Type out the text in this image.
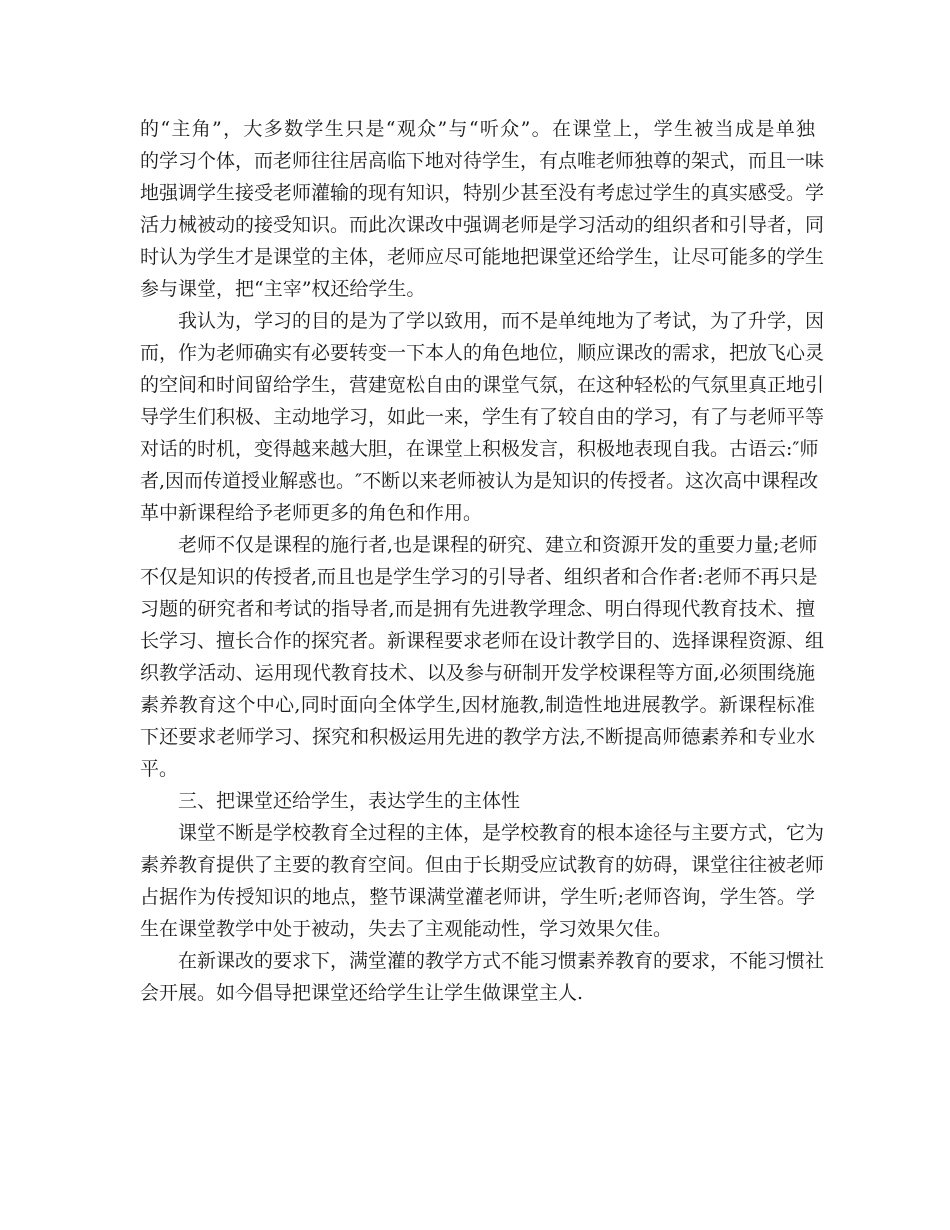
的“主角”，大多数学生只是“观众”与“听众”。在课堂上，学生被当成是单独
的学习个体，而老师往往居高临下地对待学生，有点唯老师独尊的架式，而且一味
地强调学生接受老师灌输的现有知识，特别少甚至没有考虑过学生的真实感受。学
活力械被动的接受知识。而此次课改中强调老师是学习活动的组织者和引导者，同
时认为学生才是课堂的主体，老师应尽可能地把课堂还给学生，让尽可能多的学生
参与课堂，把“主宰”权还给学生。
我认为，学习的目的是为了学以致用，而不是单纯地为了考试，为了升学，因
而，作为老师确实有必要转变一下本人的角色地位，顺应课改的需求，把放飞心灵
的空间和时间留给学生，营建宽松自由的课堂气氛，在这种轻松的气氛里真正地引
导学生们积极、主动地学习，如此一来，学生有了较自由的学习，有了与老师平等
对话的时机，变得越来越大胆，在课堂上积极发言，积极地表现自我。古语云:″师
者,因而传道授业解惑也。″不断以来老师被认为是知识的传授者。这次高中课程改
革中新课程给予老师更多的角色和作用。
老师不仅是课程的施行者,也是课程的研究、建立和资源开发的重要力量;老师
不仅是知识的传授者,而且也是学生学习的引导者、组织者和合作者:老师不再只是
习题的研究者和考试的指导者,而是拥有先进教学理念、明白得现代教育技术、擅
长学习、擅长合作的探究者。新课程要求老师在设计教学目的、选择课程资源、组
织教学活动、运用现代教育技术、以及参与研制开发学校课程等方面,必须围绕施
素养教育这个中心,同时面向全体学生,因材施教,制造性地进展教学。新课程标准
下还要求老师学习、探究和积极运用先进的教学方法,不断提高师德素养和专业水
平。
三、把课堂还给学生，表达学生的主体性
课堂不断是学校教育全过程的主体，是学校教育的根本途径与主要方式，它为
素养教育提供了主要的教育空间。但由于长期受应试教育的妨碍，课堂往往被老师
占据作为传授知识的地点，整节课满堂灌老师讲，学生听;老师咨询，学生答。学
生在课堂教学中处于被动，失去了主观能动性，学习效果欠佳。
在新课改的要求下，满堂灌的教学方式不能习惯素养教育的要求，不能习惯社
会开展。如今倡导把课堂还给学生让学生做课堂主人.
